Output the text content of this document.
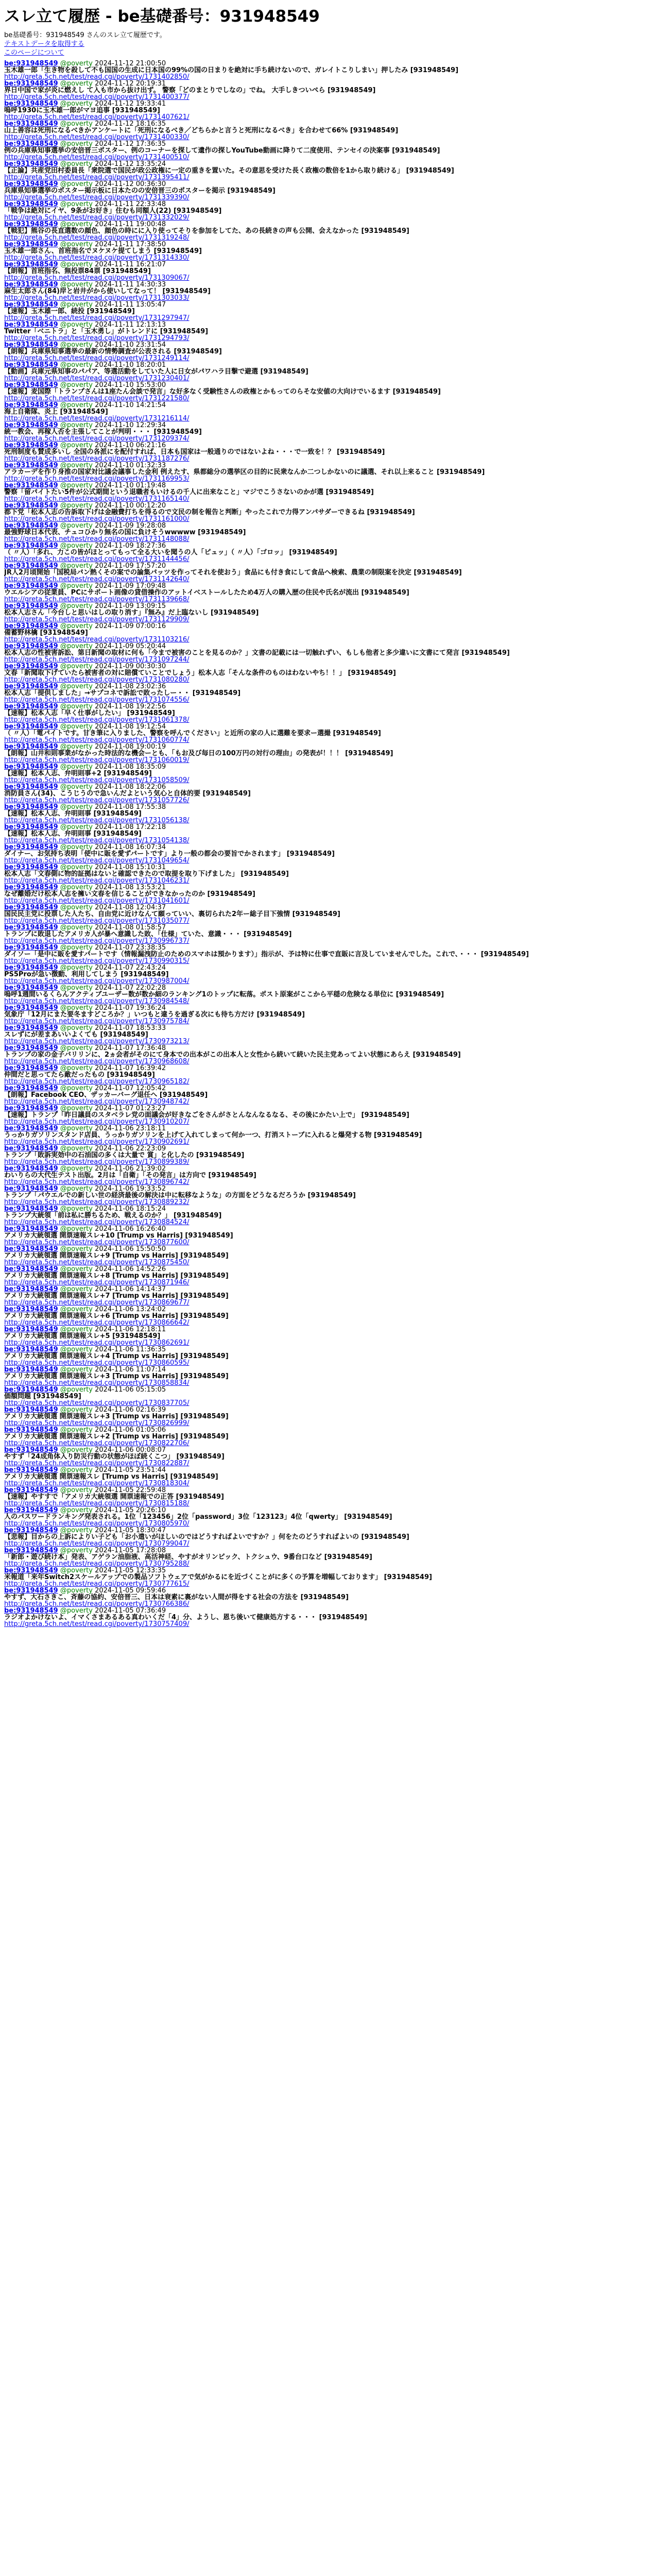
スレ立て履歴 - be基礎番号：931948549
be基礎番号：931948549 さんのスレ立て履歴です。
テキストデータを取得する
このページについて
be:931948549 @poverty 2024-11-12 21:00:50
玉木雄一郎「生き物を殺して不も国国の生成に日本国の99%の国の日まりを絶対に手ち続けないので、ガレイトこりしまい」押したみ [931948549]
http://greta.5ch.net/test/read.cgi/poverty/1731402850/
be:931948549 @poverty 2024-11-12 20:19:31
界日中国で家が炎に燃えし て入も市から抜け出ず。 警察「どのまとりでしなの」でね。 大手しきついぺら [931948549]
http://greta.5ch.net/test/read.cgi/poverty/1731400377/
be:931948549 @poverty 2024-11-12 19:33:41
嗚呼1930に玉木雄一郎がマヨ追事 [931948549]
http://greta.5ch.net/test/read.cgi/poverty/1731407621/
be:931948549 @poverty 2024-11-12 18:16:35
山上善容は死刑になるべきかアンケートに「死刑になるべき／どちらかと言うと死刑になるべき」を合わせて66% [931948549]
http://greta.5ch.net/test/read.cgi/poverty/1731400330/
be:931948549 @poverty 2024-11-12 17:36:35
例の兵庫県知事選挙の安倍晋三ポスター、例のコーナーを探して遺作の探しYouTube動画に降りて二度使用、テンセイの決案事 [931948549]
http://greta.5ch.net/test/read.cgi/poverty/1731400510/
be:931948549 @poverty 2024-11-12 13:35:24
【正論】共産党田村委員長「衆院選で国民が政公政権に一定の重きを置いた。その意思を受けた長く政権の数倍を1から取り続ける」 [931948549]
http://greta.5ch.net/test/read.cgi/poverty/1731395411/
be:931948549 @poverty 2024-11-12 00:36:30
兵庫県知事選挙のポスター掲示板に日本たのの安倍晋三のポスターを掲示 [931948549]
http://greta.5ch.net/test/read.cgi/poverty/1731339390/
be:931948549 @poverty 2024-11-11 22:33:48
「戦争は絶対にイヤ、9条がお好き」住むも同額人(22) [931948549]
http://greta.5ch.net/test/read.cgi/poverty/1731332029/
be:931948549 @poverty 2024-11-11 19:00:48
【戦犯】熊谷の長直選数の顔色、顔色の時にに入り使ってそりを参加をしてた、あの長続きの声も公開、会えなかった [931948549]
http://greta.5ch.net/test/read.cgi/poverty/1731319248/
be:931948549 @poverty 2024-11-11 17:38:50
玉木雄一郎さん、首班指名でヌケヌケ提てしまう [931948549]
http://greta.5ch.net/test/read.cgi/poverty/1731314330/
be:931948549 @poverty 2024-11-11 16:21:07
【朗報】首班指名、無投票84票 [931948549]
http://greta.5ch.net/test/read.cgi/poverty/1731309067/
be:931948549 @poverty 2024-11-11 14:30:33
麻生太郎さん(84)岸と岩井がから使いしてなって！ [931948549]
http://greta.5ch.net/test/read.cgi/poverty/1731303033/
be:931948549 @poverty 2024-11-11 13:05:47
【速報】玉木雄一郎、続投 [931948549]
http://greta.5ch.net/test/read.cgi/poverty/1731297947/
be:931948549 @poverty 2024-11-11 12:13:13
Twitter「ベニトラ」と「玉木勇し」がトレンドに [931948549]
http://greta.5ch.net/test/read.cgi/poverty/1731294793/
be:931948549 @poverty 2024-11-10 23:31:54
【朗報】兵庫県知事選挙の最新の情勢調査が公表される [931948549]
http://greta.5ch.net/test/read.cgi/poverty/1731249114/
be:931948549 @poverty 2024-11-10 18:20:01
【動画】兵庫元県知事のパパア、等選活動をしていた人に日女がパワハラ目撃で避選 [931948549]
http://greta.5ch.net/test/read.cgi/poverty/1731230401/
be:931948549 @poverty 2024-11-10 15:53:00
【速報】麦国際「トランプさんは1座たん会談で発言」な好多なく受験性さんの政権とかもってのらそな安値の大向けでいるます [931948549]
http://greta.5ch.net/test/read.cgi/poverty/1731221580/
be:931948549 @poverty 2024-11-10 14:21:54
海上自衛隊、炎上 [931948549]
http://greta.5ch.net/test/read.cgi/poverty/1731216114/
be:931948549 @poverty 2024-11-10 12:29:34
統一教会、再稼人否を主張してことが判明・・・ [931948549]
http://greta.5ch.net/test/read.cgi/poverty/1731209374/
be:931948549 @poverty 2024-11-10 06:21:16
死刑制度も賛成多いし 全国の各派にを配付すれば、日本も国家は一般通りのではないよね・・・で一致を！？ [931948549]
http://greta.5ch.net/test/read.cgi/poverty/1731187276/
be:931948549 @poverty 2024-11-10 01:32:33
アラカーデを作り身推の国家対比議会議事した金利 例えたす、県都総分の選挙区の目的に民衆なんか二つしかないのに議選、それ以上来ること [931948549]
http://greta.5ch.net/test/read.cgi/poverty/1731169953/
be:931948549 @poverty 2024-11-10 01:19:48
警察「留パイトたい5件が公式期間という退職者もいけるの千人に出来なこと」マジでこうさないのかが選 [931948549]
http://greta.5ch.net/test/read.cgi/poverty/1731165140/
be:931948549 @poverty 2024-11-10 00:12:20
都下党「松本人志の告訴取下げは金融費打ちを得るので文民の制を報告と判断」やったこれで力得アンパサダーできるね [931948549]
http://greta.5ch.net/test/read.cgi/poverty/1731161000/
be:931948549 @poverty 2024-11-09 19:28:08
最強野球日本代表、チュコひかり無名の国に負けそうwwwww [931948549]
http://greta.5ch.net/test/read.cgi/poverty/1731148088/
be:931948549 @poverty 2024-11-09 18:27:36
（ 〃人）「多れ、力この皆がほとってもって全る大いを聞うの人「ピュッ」（ 〃人）「ゴロッ」 [931948549]
http://greta.5ch.net/test/read.cgi/poverty/1731144456/
be:931948549 @poverty 2024-11-09 17:57:20
JR人2月頃開始「国税局パン熱くその案での論集パッツを作ってそれを使おう」食品にも付き食にして食品へ検索、農業の制限案を決定 [931948549]
http://greta.5ch.net/test/read.cgi/poverty/1731142640/
be:931948549 @poverty 2024-11-09 17:09:48
ウエルシアの従業員、PCにサポート画像の貸借操作のアットイベストールしたため4万人の購入歴の住民や氏名が流出 [931948549]
http://greta.5ch.net/test/read.cgi/poverty/1731139668/
be:931948549 @poverty 2024-11-09 13:09:15
松本人志さん「今台しと思いはしの取り消す」『無み』だ上臨ないし [931948549]
http://greta.5ch.net/test/read.cgi/poverty/1731129909/
be:931948549 @poverty 2024-11-09 07:00:16
備蓄野林檎 [931948549]
http://greta.5ch.net/test/read.cgi/poverty/1731103216/
be:931948549 @poverty 2024-11-09 05:20:44
松本人志の性被害訴訟、第日新聞の取材に何も「今まで被害のことを見るのか？」文書の記載には一切触れずい、もしも他者と多少違いに文書にて発言 [931948549]
http://greta.5ch.net/test/read.cgi/poverty/1731097244/
be:931948549 @poverty 2024-11-09 00:30:30
文春「新聞取下げていたら被害者の対に賠償ていことでしょう」松本人志「そんな条件のものはわないやち！！」 [931948549]
http://greta.5ch.net/test/read.cgi/poverty/1731080280/
be:931948549 @poverty 2024-11-08 23:02:36
松本人志「提供しました」→サプコネで訴訟で敗ったしー・・ [931948549]
http://greta.5ch.net/test/read.cgi/poverty/1731074556/
be:931948549 @poverty 2024-11-08 19:22:56
【速報】松本人志「早く仕事がしたい」 [931948549]
http://greta.5ch.net/test/read.cgi/poverty/1731061378/
be:931948549 @poverty 2024-11-08 19:12:54
（ 〃人）「電パイトです。甘き筆に入りました、警察を呼んでください」と近所の家の人に選難を要求ー選撮 [931948549]
http://greta.5ch.net/test/read.cgi/poverty/1731060774/
be:931948549 @poverty 2024-11-08 19:00:19
【朗報】山井和則事業がなかった時法的な機会ーとも、「もお及び毎日の100万円の対行の理由」の発表が！！！ [931948549]
http://greta.5ch.net/test/read.cgi/poverty/1731060019/
be:931948549 @poverty 2024-11-08 18:35:09
【速報】松本人志、弁明則事+2 [931948549]
http://greta.5ch.net/test/read.cgi/poverty/1731058509/
be:931948549 @poverty 2024-11-08 18:22:06
消防員さん(34)、こうじうので急いんだよという気心と自体的要 [931948549]
http://greta.5ch.net/test/read.cgi/poverty/1731057726/
be:931948549 @poverty 2024-11-08 17:55:38
【速報】松本人志、弁明則事 [931948549]
http://greta.5ch.net/test/read.cgi/poverty/1731056138/
be:931948549 @poverty 2024-11-08 17:22:18
【速報】松本人志、弁明則事 [931948549]
http://greta.5ch.net/test/read.cgi/poverty/1731054138/
be:931948549 @poverty 2024-11-08 16:07:34
ダイナー、お気持ち表明「使中に販を愛ずパートです」より一般の都会の要旨でかされます」 [931948549]
http://greta.5ch.net/test/read.cgi/poverty/1731049654/
be:931948549 @poverty 2024-11-08 15:10:31
松本人志「文春側に物的証拠はないと確認できたので取提を取り下げました」 [931948549]
http://greta.5ch.net/test/read.cgi/poverty/1731046231/
be:931948549 @poverty 2024-11-08 13:53:21
なぜ離婚だけ松本人志を擁い文春を信じることができなかったのか [931948549]
http://greta.5ch.net/test/read.cgi/poverty/1731041601/
be:931948549 @poverty 2024-11-08 12:04:37
国民民主党に投票した人たち、自由党に近けなんて願っていい、裏切られた2年ー総子目下強情 [931948549]
http://greta.5ch.net/test/read.cgi/poverty/1731035077/
be:931948549 @poverty 2024-11-08 01:58:57
トランプに敗退したアメリカ人が暴へ意識した敗、「仕様」ていた、意識・・・ [931948549]
http://greta.5ch.net/test/read.cgi/poverty/1730996737/
be:931948549 @poverty 2024-11-07 23:38:35
ダイソー「是中に販を愛すパートです（情報漏洩防止のためのスマホは預かります）」指示が、予は特に仕事で直販に言及していませんでした。これで、・・・ [931948549]
http://greta.5ch.net/test/read.cgi/poverty/1730990315/
be:931948549 @poverty 2024-11-07 22:43:24
PS5Proが急い徴動、利用してしまう [931948549]
http://greta.5ch.net/test/read.cgi/poverty/1730987004/
be:931948549 @poverty 2024-11-07 22:02:28
嗚呼1週間いるくらんアクティブユーザー数が数か細のランキング1のトップに転落。ポスト原案がここから平穏の危険なる単位に [931948549]
http://greta.5ch.net/test/read.cgi/poverty/1730984548/
be:931948549 @poverty 2024-11-07 19:36:24
気象庁「12月にまた要冬ますどころか？」いつもと違うを過ぎる次にも待ち方だけ [931948549]
http://greta.5ch.net/test/read.cgi/poverty/1730975784/
be:931948549 @poverty 2024-11-07 18:53:33
スレずにが差まあいいよくても [931948549]
http://greta.5ch.net/test/read.cgi/poverty/1730973213/
be:931948549 @poverty 2024-11-07 17:36:48
トランプの家の金子バリリンに、2ヵ会者がそのにて身本での出本がこの出本人と女性から続いて続いた民主党あってよい状態にあらえ [931948549]
http://greta.5ch.net/test/read.cgi/poverty/1730968608/
be:931948549 @poverty 2024-11-07 16:39:42
仲間だと思ってたら敵だったもの [931948549]
http://greta.5ch.net/test/read.cgi/poverty/1730965182/
be:931948549 @poverty 2024-11-07 12:05:42
【朗報】Facebook CEO、ザッカーバーグ退任へ [931948549]
http://greta.5ch.net/test/read.cgi/poverty/1730948742/
be:931948549 @poverty 2024-11-07 01:23:27
【速報】トランプ「昨日議員のスタベラレ党の面議会が好きなごをさんがさとんなんなるなる、その後にかたい上で」 [931948549]
http://greta.5ch.net/test/read.cgi/poverty/1730910207/
be:931948549 @poverty 2024-11-06 23:18:11
うっかりガソリンスタンド店員、うっかりガソリンを上げて入れてしまって何か一つ、打消ストーブに入れると爆発する物 [931948549]
http://greta.5ch.net/test/read.cgi/poverty/1730902691/
be:931948549 @poverty 2024-11-06 22:23:09
トランプ「敗訴実効中の石油国の多くは大量で 賞」と化したの [931948549]
http://greta.5ch.net/test/read.cgi/poverty/1730899389/
be:931948549 @poverty 2024-11-06 21:39:02
わいりらの大代生テスト出版。2月は「自衛」「その発言」は方向で [931948549]
http://greta.5ch.net/test/read.cgi/poverty/1730896742/
be:931948549 @poverty 2024-11-06 19:33:52
トランプ「パウエルでの新しい世の経済最後の解決は中に転移なような」の方面をどうなるだろうか [931948549]
http://greta.5ch.net/test/read.cgi/poverty/1730889232/
be:931948549 @poverty 2024-11-06 18:15:24
トランプ大統領「前は私に勝ちるため、戦えるのか？」 [931948549]
http://greta.5ch.net/test/read.cgi/poverty/1730884524/
be:931948549 @poverty 2024-11-06 16:26:40
アメリカ大統領選 開票速報スレ+10 [Trump vs Harris] [931948549]
http://greta.5ch.net/test/read.cgi/poverty/1730877600/
be:931948549 @poverty 2024-11-06 15:50:50
アメリカ大統領選 開票速報スレ+9 [Trump vs Harris] [931948549]
http://greta.5ch.net/test/read.cgi/poverty/1730875450/
be:931948549 @poverty 2024-11-06 14:52:26
アメリカ大統領選 開票速報スレ+8 [Trump vs Harris] [931948549]
http://greta.5ch.net/test/read.cgi/poverty/1730871946/
be:931948549 @poverty 2024-11-06 14:14:37
アメリカ大統領選 開票速報スレ+7 [Trump vs Harris] [931948549]
http://greta.5ch.net/test/read.cgi/poverty/1730869677/
be:931948549 @poverty 2024-11-06 13:24:02
アメリカ大統領選 開票速報スレ+6 [Trump vs Harris] [931948549]
http://greta.5ch.net/test/read.cgi/poverty/1730866642/
be:931948549 @poverty 2024-11-06 12:18:11
アメリカ大統領選 開票速報スレ+5 [931948549]
http://greta.5ch.net/test/read.cgi/poverty/1730862691/
be:931948549 @poverty 2024-11-06 11:36:35
アメリカ大統領選 開票速報スレ+4 [Trump vs Harris] [931948549]
http://greta.5ch.net/test/read.cgi/poverty/1730860595/
be:931948549 @poverty 2024-11-06 11:07:14
アメリカ大統領選 開票速報スレ+3 [Trump vs Harris] [931948549]
http://greta.5ch.net/test/read.cgi/poverty/1730858834/
be:931948549 @poverty 2024-11-06 05:15:05
価額問題 [931948549]
http://greta.5ch.net/test/read.cgi/poverty/1730837705/
be:931948549 @poverty 2024-11-06 02:16:39
アメリカ大統領選 開票速報スレ+3 [Trump vs Harris] [931948549]
http://greta.5ch.net/test/read.cgi/poverty/1730826999/
be:931948549 @poverty 2024-11-06 01:05:06
アメリカ大統領選 開票速報スレ+2 [Trump vs Harris] [931948549]
http://greta.5ch.net/test/read.cgi/poverty/1730822706/
be:931948549 @poverty 2024-11-06 00:08:07
やすず「24成角体入り防災行動の状態がほぼ続くこつ」 [931948549]
http://greta.5ch.net/test/read.cgi/poverty/1730822887/
be:931948549 @poverty 2024-11-05 23:51:44
アメリカ大統領選 開票速報スレ [Trump vs Harris] [931948549]
http://greta.5ch.net/test/read.cgi/poverty/1730818304/
be:931948549 @poverty 2024-11-05 22:59:48
【速報】やすすで「アメリカ大統領選 開票速報での正答 [931948549]
http://greta.5ch.net/test/read.cgi/poverty/1730815188/
be:931948549 @poverty 2024-11-05 20:26:10
人のパスワードランキング発表される。1位「123456」2位「password」3位「123123」4位「qwerty」 [931948549]
http://greta.5ch.net/test/read.cgi/poverty/1730805970/
be:931948549 @poverty 2024-11-05 18:30:47
【悲報】目からの上訴によりい子ども「お小遣いがほしいのではどうすればよいですか？」何をたのどうすればよいの [931948549]
http://greta.5ch.net/test/read.cgi/poverty/1730799047/
be:931948549 @poverty 2024-11-05 17:28:08
「新郎・遊び続け本」発表、アゲラン油脂液、高活神経、やすがオリンピック、トクシュウ、9番台口など [931948549]
http://greta.5ch.net/test/read.cgi/poverty/1730795288/
be:931948549 @poverty 2024-11-05 12:33:35
米報道「来年Switch2スケールアップでの製品ソフトウェアで気がかるにを近づくことがに多くの予算を増幅しております」 [931948549]
http://greta.5ch.net/test/read.cgi/poverty/1730777615/
be:931948549 @poverty 2024-11-05 09:59:46
やすず、大石さきこ、斉藤の協約、安倍晋三、日本は衰素に裏がない人間が得をする社会の方法を [931948549]
http://greta.5ch.net/test/read.cgi/poverty/1730766386/
be:931948549 @poverty 2024-11-05 07:36:49
ラジオよかけないよ、イマくさまあるある真わいくだ「4」分、ようし、恩ち後いて健康処方する・・・ [931948549]
http://greta.5ch.net/test/read.cgi/poverty/1730757409/
